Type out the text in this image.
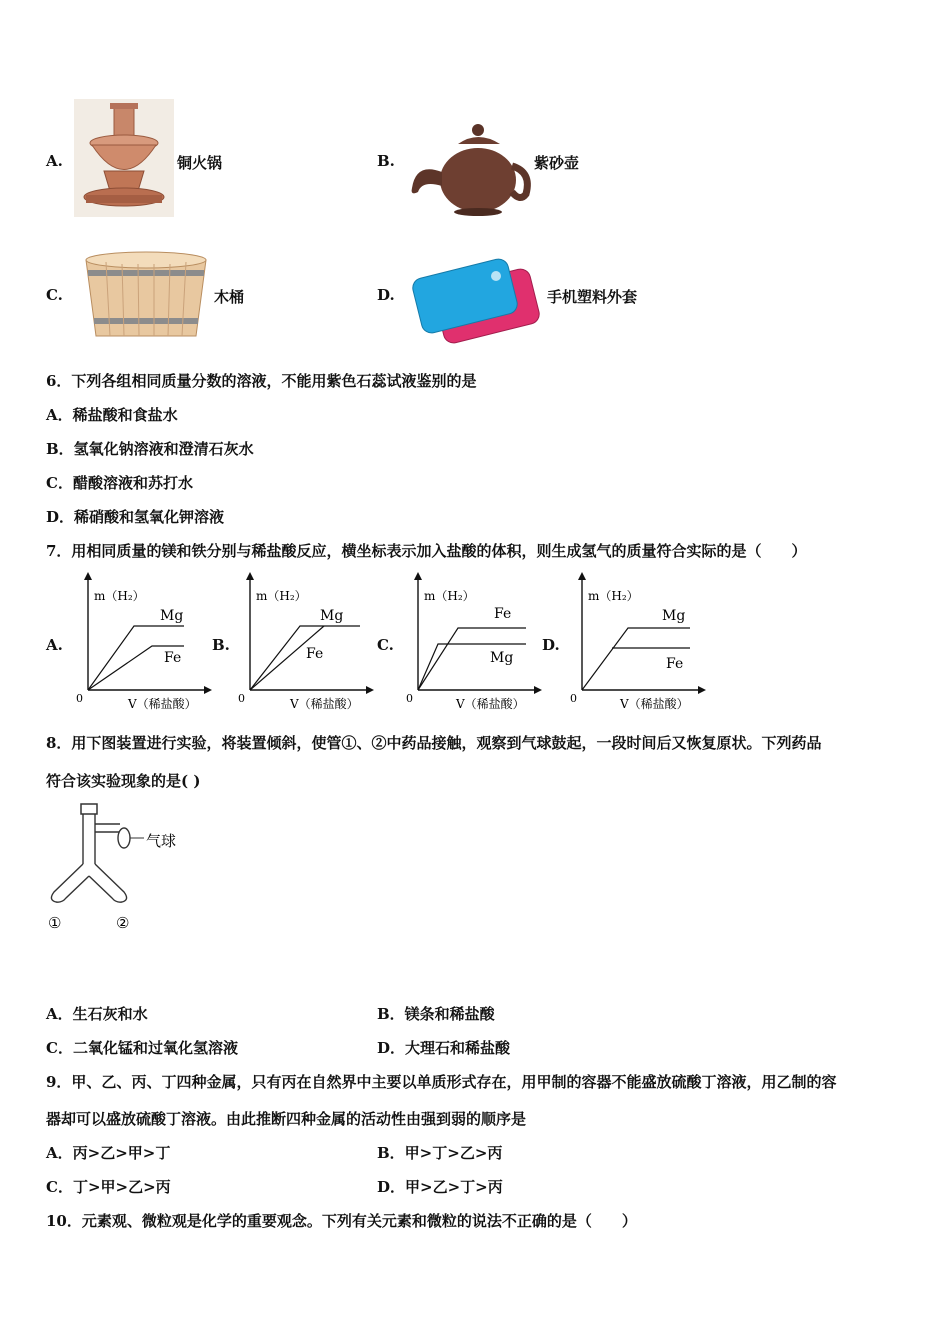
A.	铜火锅	B.	紫砂壶
C.	木桶	D.	手机塑料外套
6．下列各组相同质量分数的溶液，不能用紫色石蕊试液鉴别的是
A．稀盐酸和食盐水
B．氢氧化钠溶液和澄清石灰水
C．醋酸溶液和苏打水
D．稀硝酸和氢氧化钾溶液
7．用相同质量的镁和铁分别与稀盐酸反应，横坐标表示加入盐酸的体积，则生成氢气的质量符合实际的是（　　）
A.
m（H₂）
Mg
Fe
0	V（稀盐酸）
B.
m（H₂）
Mg
Fe
0	V（稀盐酸）
C.
m（H₂）
Fe
Mg
0	V（稀盐酸）
D.
m（H₂）
Mg
Fe
0	V（稀盐酸）
8．用下图装置进行实验，将装置倾斜，使管①、②中药品接触，观察到气球鼓起，一段时间后又恢复原状。下列药品
符合该实验现象的是( )
气球
①	②
A．生石灰和水	B．镁条和稀盐酸
C．二氧化锰和过氧化氢溶液	D．大理石和稀盐酸
9．甲、乙、丙、丁四种金属，只有丙在自然界中主要以单质形式存在，用甲制的容器不能盛放硫酸丁溶液，用乙制的容
器却可以盛放硫酸丁溶液。由此推断四种金属的活动性由强到弱的顺序是
A．丙>乙>甲>丁	B．甲>丁>乙>丙
C．丁>甲>乙>丙	D．甲>乙>丁>丙
10．元素观、微粒观是化学的重要观念。下列有关元素和微粒的说法不正确的是（　　）
